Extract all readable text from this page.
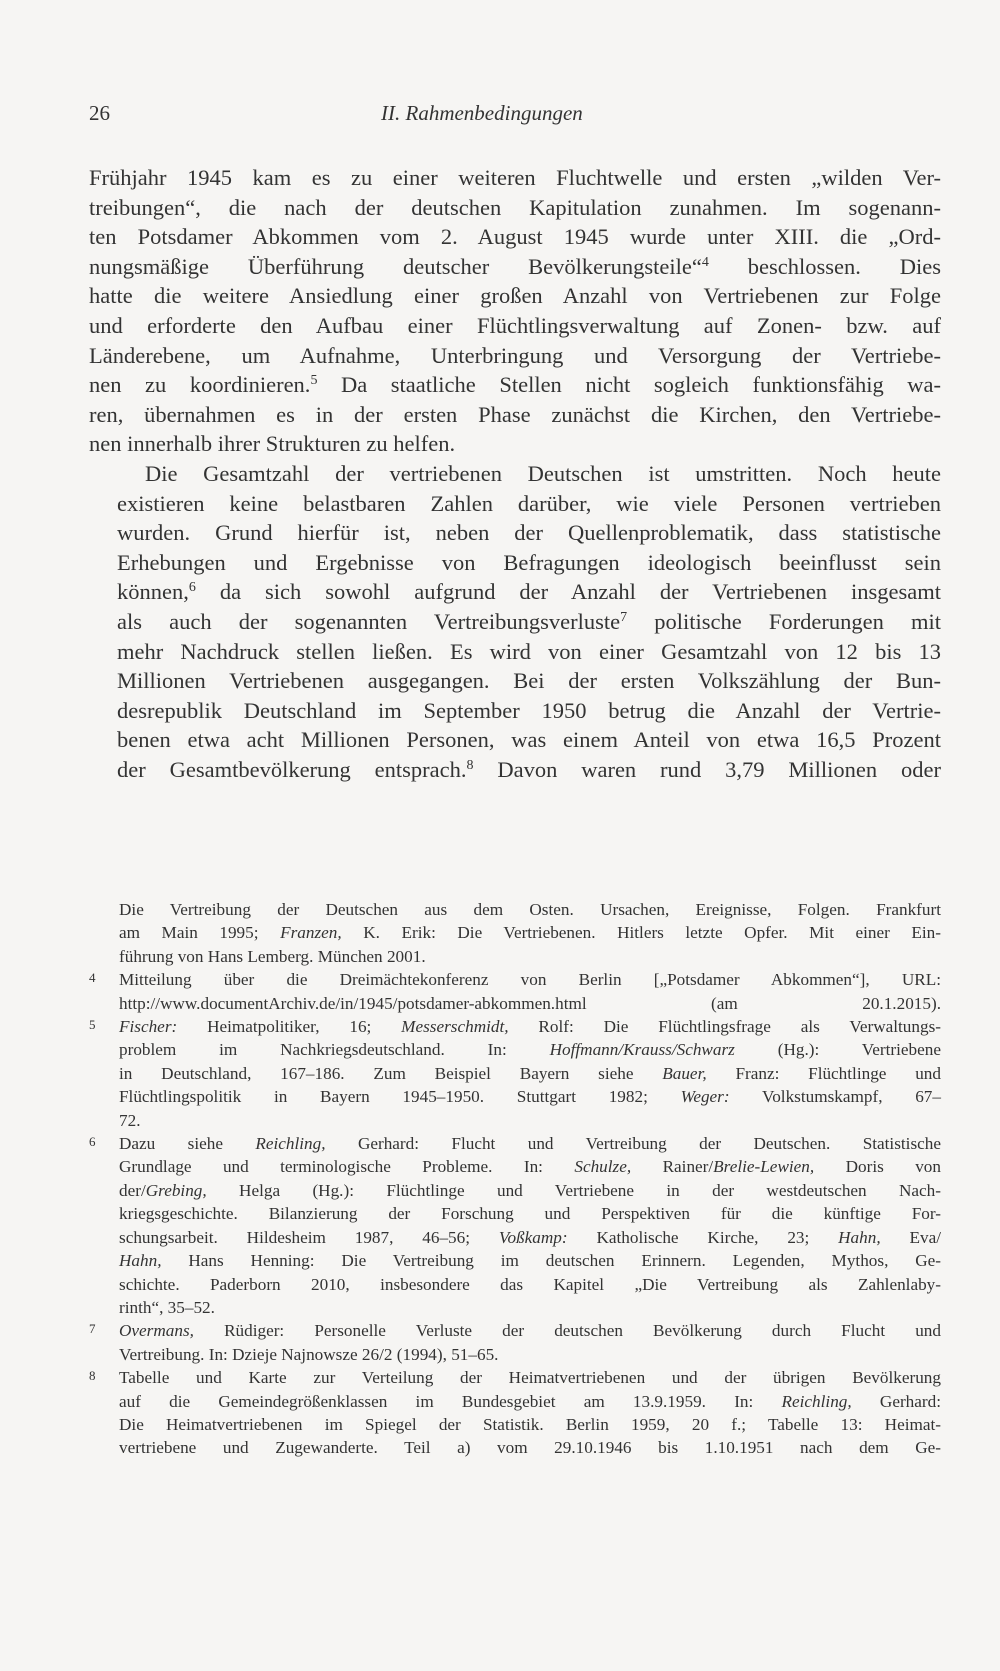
26	II. Rahmenbedingungen

Frühjahr 1945 kam es zu einer weiteren Fluchtwelle und ersten „wilden Ver-
treibungen“, die nach der deutschen Kapitulation zunahmen. Im sogenann-
ten Potsdamer Abkommen vom 2. August 1945 wurde unter XIII. die „Ord-
nungsmäßige Überführung deutscher Bevölkerungsteile“$^4$ beschlossen. Dies
hatte die weitere Ansiedlung einer großen Anzahl von Vertriebenen zur Folge
und erforderte den Aufbau einer Flüchtlingsverwaltung auf Zonen- bzw. auf
Länderebene, um Aufnahme, Unterbringung und Versorgung der Vertriebe-
nen zu koordinieren.$^5$ Da staatliche Stellen nicht sogleich funktionsfähig wa-
ren, übernahmen es in der ersten Phase zunächst die Kirchen, den Vertriebe-
nen innerhalb ihrer Strukturen zu helfen.

Die Gesamtzahl der vertriebenen Deutschen ist umstritten. Noch heute
existieren keine belastbaren Zahlen darüber, wie viele Personen vertrieben
wurden. Grund hierfür ist, neben der Quellenproblematik, dass statistische
Erhebungen und Ergebnisse von Befragungen ideologisch beeinflusst sein
können,$^6$ da sich sowohl aufgrund der Anzahl der Vertriebenen insgesamt
als auch der sogenannten Vertreibungsverluste$^7$ politische Forderungen mit
mehr Nachdruck stellen ließen. Es wird von einer Gesamtzahl von 12 bis 13
Millionen Vertriebenen ausgegangen. Bei der ersten Volkszählung der Bun-
desrepublik Deutschland im September 1950 betrug die Anzahl der Vertrie-
benen etwa acht Millionen Personen, was einem Anteil von etwa 16,5 Prozent
der Gesamtbevölkerung entsprach.$^8$ Davon waren rund 3,79 Millionen oder

Die Vertreibung der Deutschen aus dem Osten. Ursachen, Ereignisse, Folgen. Frankfurt
am Main 1995; Franzen, K. Erik: Die Vertriebenen. Hitlers letzte Opfer. Mit einer Ein-
führung von Hans Lemberg. München 2001.
4 Mitteilung über die Dreimächtekonferenz von Berlin [„Potsdamer Abkommen“], URL:
http://www.documentArchiv.de/in/1945/potsdamer-abkommen.html (am 20.1.2015).
5 Fischer: Heimatpolitiker, 16; Messerschmidt, Rolf: Die Flüchtlingsfrage als Verwaltungs-
problem im Nachkriegsdeutschland. In: Hoffmann/Krauss/Schwarz (Hg.): Vertriebene
in Deutschland, 167–186. Zum Beispiel Bayern siehe Bauer, Franz: Flüchtlinge und
Flüchtlingspolitik in Bayern 1945–1950. Stuttgart 1982; Weger: Volkstumskampf, 67–
72.
6 Dazu siehe Reichling, Gerhard: Flucht und Vertreibung der Deutschen. Statistische
Grundlage und terminologische Probleme. In: Schulze, Rainer/Brelie-Lewien, Doris von
der/Grebing, Helga (Hg.): Flüchtlinge und Vertriebene in der westdeutschen Nach-
kriegsgeschichte. Bilanzierung der Forschung und Perspektiven für die künftige For-
schungsarbeit. Hildesheim 1987, 46–56; Voßkamp: Katholische Kirche, 23; Hahn, Eva/
Hahn, Hans Henning: Die Vertreibung im deutschen Erinnern. Legenden, Mythos, Ge-
schichte. Paderborn 2010, insbesondere das Kapitel „Die Vertreibung als Zahlenlaby-
rinth“, 35–52.
7 Overmans, Rüdiger: Personelle Verluste der deutschen Bevölkerung durch Flucht und
Vertreibung. In: Dzieje Najnowsze 26/2 (1994), 51–65.
8 Tabelle und Karte zur Verteilung der Heimatvertriebenen und der übrigen Bevölkerung
auf die Gemeindegrößenklassen im Bundesgebiet am 13.9.1959. In: Reichling, Gerhard:
Die Heimatvertriebenen im Spiegel der Statistik. Berlin 1959, 20 f.; Tabelle 13: Heimat-
vertriebene und Zugewanderte. Teil a) vom 29.10.1946 bis 1.10.1951 nach dem Ge-
